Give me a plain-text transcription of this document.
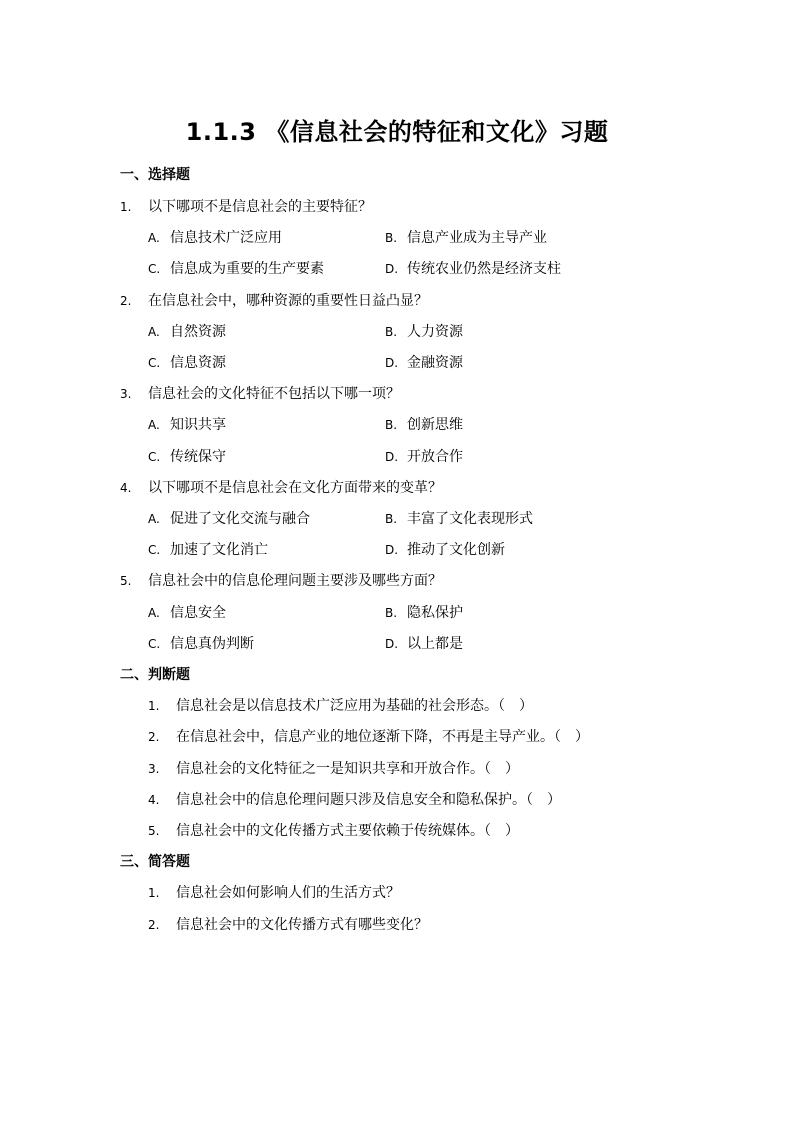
1.1.3 《信息社会的特征和文化》习题
一、选择题
1. 以下哪项不是信息社会的主要特征？
A. 信息技术广泛应用	B. 信息产业成为主导产业
C. 信息成为重要的生产要素	D. 传统农业仍然是经济支柱
2. 在信息社会中，哪种资源的重要性日益凸显？
A. 自然资源	B. 人力资源
C. 信息资源	D. 金融资源
3. 信息社会的文化特征不包括以下哪一项？
A. 知识共享	B. 创新思维
C. 传统保守	D. 开放合作
4. 以下哪项不是信息社会在文化方面带来的变革？
A. 促进了文化交流与融合	B. 丰富了文化表现形式
C. 加速了文化消亡	D. 推动了文化创新
5. 信息社会中的信息伦理问题主要涉及哪些方面？
A. 信息安全	B. 隐私保护
C. 信息真伪判断	D. 以上都是
二、判断题
1. 信息社会是以信息技术广泛应用为基础的社会形态。（　）
2. 在信息社会中，信息产业的地位逐渐下降，不再是主导产业。（　）
3. 信息社会的文化特征之一是知识共享和开放合作。（　）
4. 信息社会中的信息伦理问题只涉及信息安全和隐私保护。（　）
5. 信息社会中的文化传播方式主要依赖于传统媒体。（　）
三、简答题
1. 信息社会如何影响人们的生活方式？
2. 信息社会中的文化传播方式有哪些变化？
